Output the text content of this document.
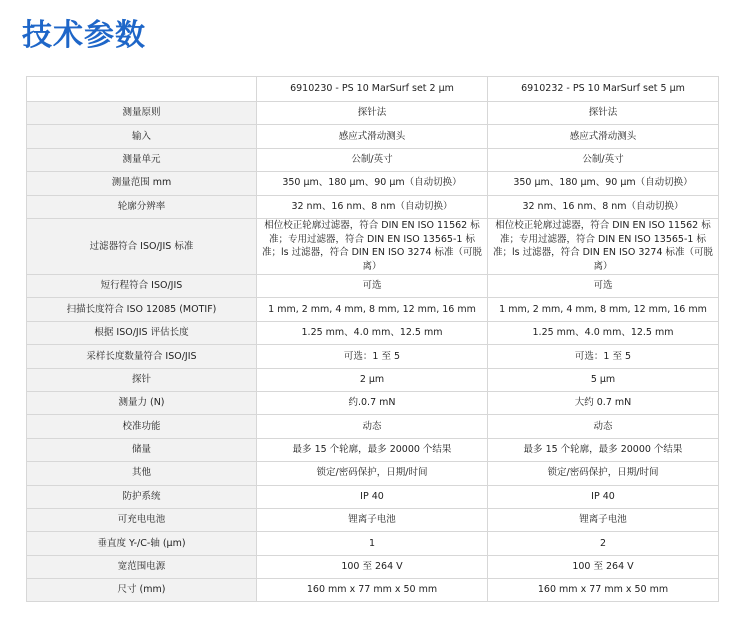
技术参数
	6910230 - PS 10 MarSurf set 2 μm	6910232 - PS 10 MarSurf set 5 μm
测量原则	探针法	探针法
输入	感应式滑动测头	感应式滑动测头
测量单元	公制/英寸	公制/英寸
测量范围 mm	350 μm、180 μm、90 μm（自动切换）	350 μm、180 μm、90 μm（自动切换）
轮廓分辨率	32 nm、16 nm、8 nm（自动切换）	32 nm、16 nm、8 nm（自动切换）
过滤器符合 ISO/JIS 标准	相位校正轮廓过滤器，符合 DIN EN ISO 11562 标准；专用过滤器，符合 DIN EN ISO 13565-1 标准；ls 过滤器，符合 DIN EN ISO 3274 标准（可脱离）	相位校正轮廓过滤器，符合 DIN EN ISO 11562 标准；专用过滤器，符合 DIN EN ISO 13565-1 标准；ls 过滤器，符合 DIN EN ISO 3274 标准（可脱离）
短行程符合 ISO/JIS	可选	可选
扫描长度符合 ISO 12085 (MOTIF)	1 mm, 2 mm, 4 mm, 8 mm, 12 mm, 16 mm	1 mm, 2 mm, 4 mm, 8 mm, 12 mm, 16 mm
根据 ISO/JIS 评估长度	1.25 mm、4.0 mm、12.5 mm	1.25 mm、4.0 mm、12.5 mm
采样长度数量符合 ISO/JIS	可选：1 至 5	可选：1 至 5
探针	2 μm	5 μm
测量力 (N)	约.0.7 mN	大约 0.7 mN
校准功能	动态	动态
储量	最多 15 个轮廓，最多 20000 个结果	最多 15 个轮廓，最多 20000 个结果
其他	锁定/密码保护，日期/时间	锁定/密码保护，日期/时间
防护系统	IP 40	IP 40
可充电电池	锂离子电池	锂离子电池
垂直度 Y-/C-轴 (μm)	1	2
宽范围电源	100 至 264 V	100 至 264 V
尺寸 (mm)	160 mm x 77 mm x 50 mm	160 mm x 77 mm x 50 mm
